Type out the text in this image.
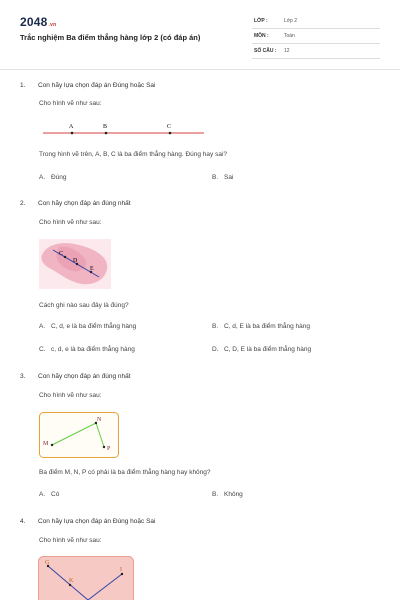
2048.vn
Trắc nghiệm Ba điểm thẳng hàng lớp 2 (có đáp án)
LỚP :	Lớp 2
MÔN :	Toán
SỐ CÂU : 12
1. Con hãy lựa chọn đáp án Đúng hoặc Sai
Cho hình vẽ như sau:
A	B	C
Trong hình vẽ trên, A, B, C là ba điểm thẳng hàng. Đúng hay sai?
A. Đúng	B. Sai
2. Con hãy chọn đáp án đúng nhất
Cho hình vẽ như sau:
C
D
E
Cách ghi nào sau đây là đúng?
A. C, d, e là ba điểm thẳng hàng	B. C, d, E là ba điểm thẳng hàng
C. c, d, e là ba điểm thẳng hàng	D. C, D, E là ba điểm thẳng hàng
3. Con hãy chọn đáp án đúng nhất
Cho hình vẽ như sau:
M
N
P
Ba điểm M, N, P có phải là ba điểm thẳng hàng hay không?
A. Có	B. Không
4. Con hãy lựa chọn đáp án Đúng hoặc Sai
Cho hình vẽ như sau:
G
K
I
